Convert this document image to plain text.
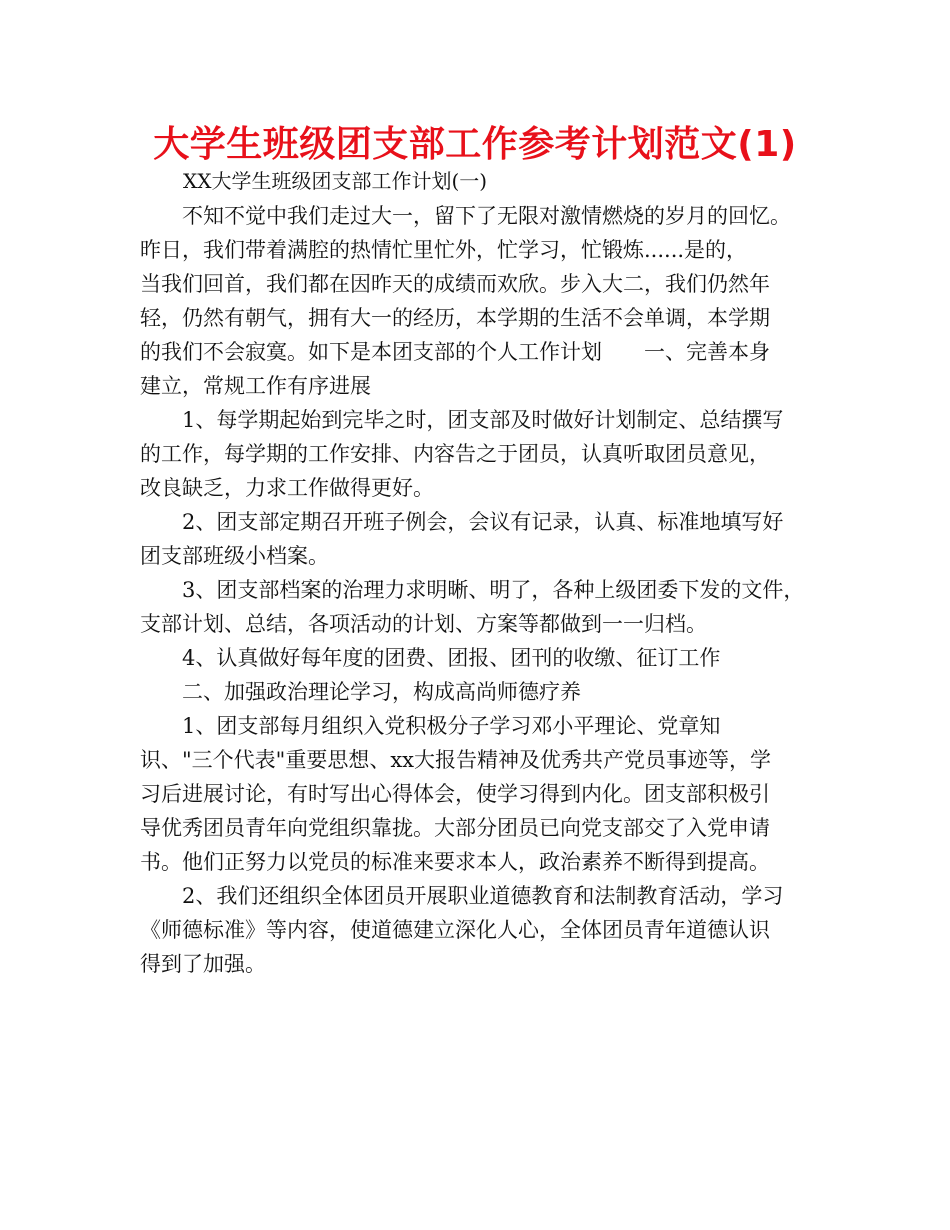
大学生班级团支部工作参考计划范文(1)
XX大学生班级团支部工作计划(一)
　　不知不觉中我们走过大一，留下了无限对激情燃烧的岁月的回忆。
昨日，我们带着满腔的热情忙里忙外，忙学习，忙锻炼......是的，
当我们回首，我们都在因昨天的成绩而欢欣。步入大二，我们仍然年
轻，仍然有朝气，拥有大一的经历，本学期的生活不会单调，本学期
的我们不会寂寞。如下是本团支部的个人工作计划　　一、完善本身
建立，常规工作有序进展
　　1、每学期起始到完毕之时，团支部及时做好计划制定、总结撰写
的工作，每学期的工作安排、内容告之于团员，认真听取团员意见，
改良缺乏，力求工作做得更好。
　　2、团支部定期召开班子例会，会议有记录，认真、标准地填写好
团支部班级小档案。
　　3、团支部档案的治理力求明晰、明了，各种上级团委下发的文件，
支部计划、总结，各项活动的计划、方案等都做到一一归档。
　　4、认真做好每年度的团费、团报、团刊的收缴、征订工作
　　二、加强政治理论学习，构成高尚师德疗养
　　1、团支部每月组织入党积极分子学习邓小平理论、党章知
识、"三个代表"重要思想、xx大报告精神及优秀共产党员事迹等，学
习后进展讨论，有时写出心得体会，使学习得到内化。团支部积极引
导优秀团员青年向党组织靠拢。大部分团员已向党支部交了入党申请
书。他们正努力以党员的标准来要求本人，政治素养不断得到提高。
　　2、我们还组织全体团员开展职业道德教育和法制教育活动，学习
《师德标准》等内容，使道德建立深化人心，全体团员青年道德认识
得到了加强。
